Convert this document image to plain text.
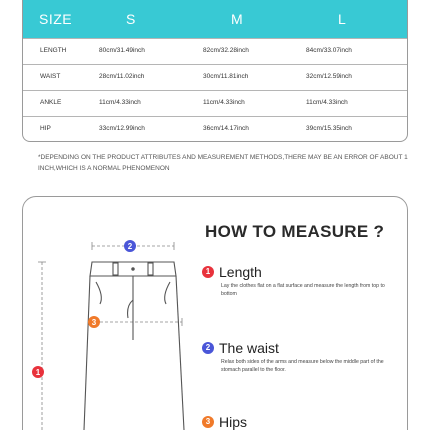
SIZE	S	M	L
LENGTH	80cm/31.49inch	82cm/32.28inch	84cm/33.07inch
WAIST	28cm/11.02inch	30cm/11.81inch	32cm/12.59inch
ANKLE	11cm/4.33inch	11cm/4.33inch	11cm/4.33inch
HIP	33cm/12.99inch	36cm/14.17inch	39cm/15.35inch
*DEPENDING ON THE PRODUCT ATTRIBUTES AND MEASUREMENT METHODS,THERE MAY BE AN ERROR OF ABOUT 1 INCH,WHICH IS A NORMAL PHENOMENON
2
3
1
HOW TO MEASURE ?
1 Length
Lay the clothes flat on a flat surface and measure the length from top to bottom
2 The waist
Relax both sides of the arms and measure below the middle part of the stomach parallel to the floor.
3 Hips
